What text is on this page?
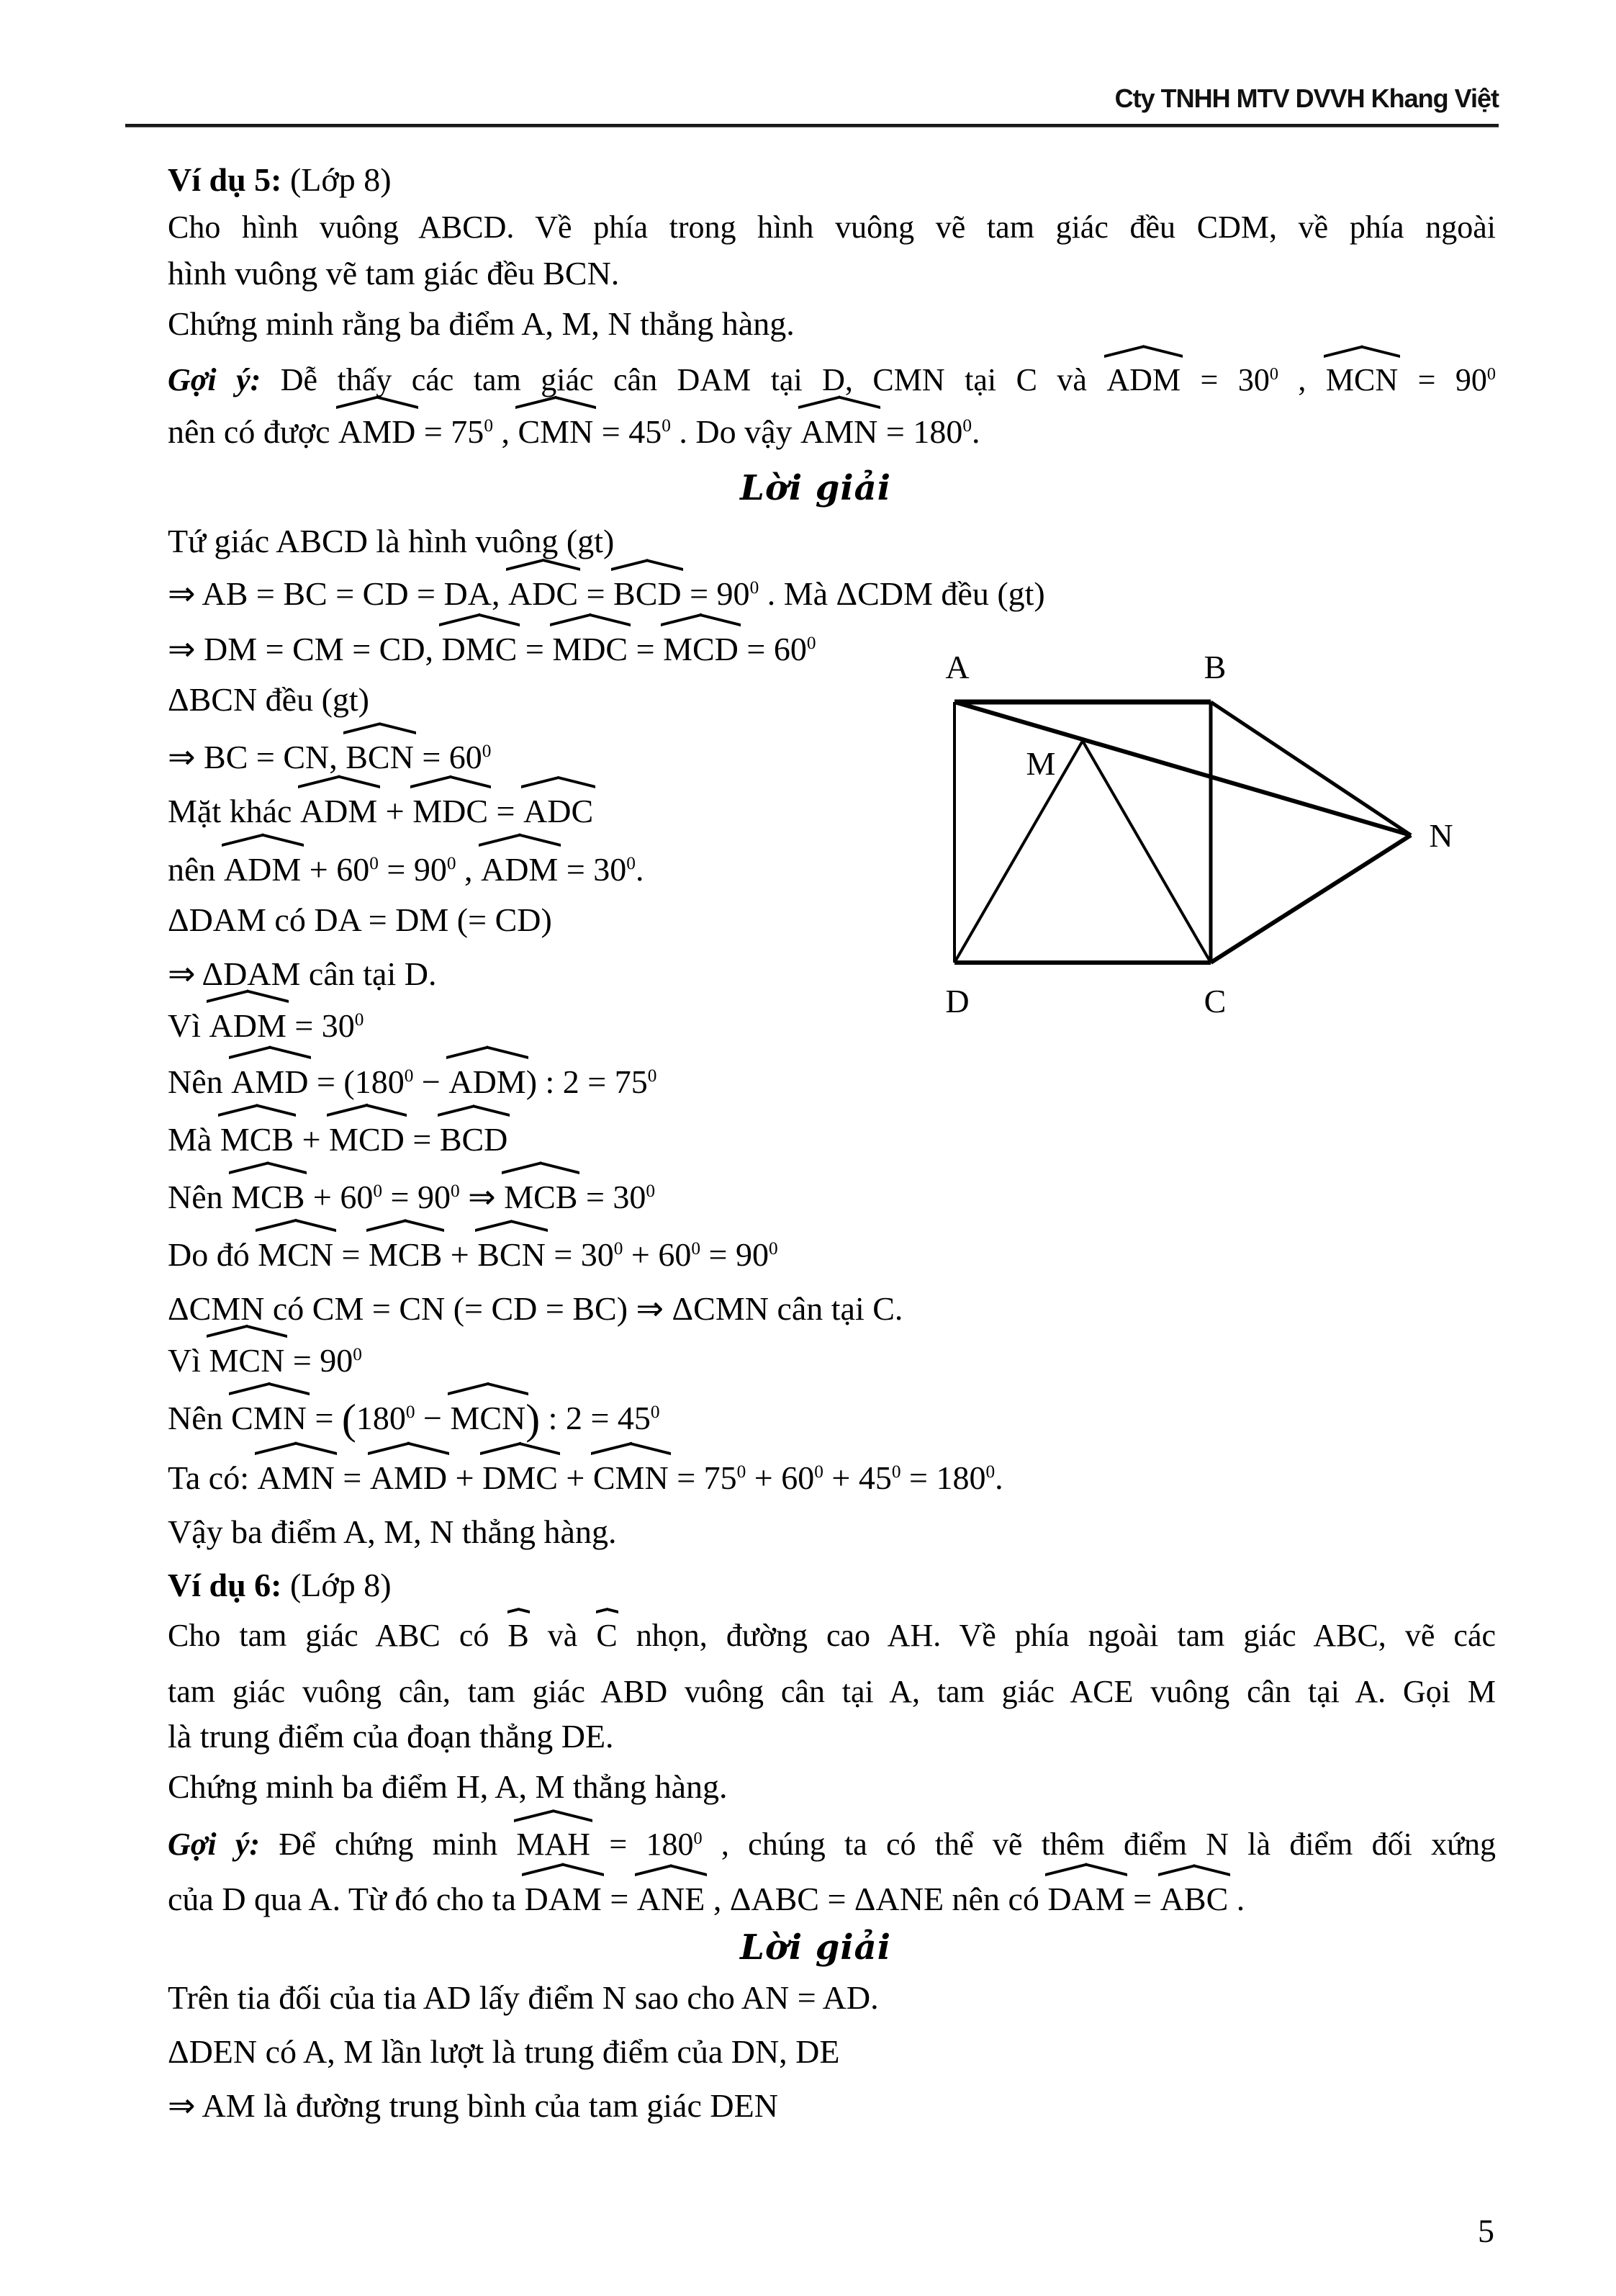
Cty TNHH MTV DVVH Khang Việt
Ví dụ 5: (Lớp 8)
Cho hình vuông ABCD. Về phía trong hình vuông vẽ tam giác đều CDM, về phía ngoài
hình vuông vẽ tam giác đều BCN.
Chứng minh rằng ba điểm A, M, N thẳng hàng.
Gợi ý: Dễ thấy các tam giác cân DAM tại D, CMN tại C và ADM = 300 , MCN = 900
nên có được AMD = 750 , CMN = 450 . Do vậy AMN = 1800.
Lời giải
Tứ giác ABCD là hình vuông (gt)
⇒ AB = BC = CD = DA, ADC = BCD = 900 . Mà ΔCDM đều (gt)
⇒ DM = CM = CD, DMC = MDC = MCD = 600
ΔBCN đều (gt)
⇒ BC = CN, BCN = 600
Mặt khác ADM + MDC = ADC
nên ADM + 600 = 900 , ADM = 300.
ΔDAM có DA = DM (= CD)
⇒ ΔDAM cân tại D.
Vì ADM = 300
Nên AMD = (1800 − ADM) : 2 = 750
Mà MCB + MCD = BCD
Nên MCB + 600 = 900 ⇒ MCB = 300
Do đó MCN = MCB + BCN = 300 + 600 = 900
ΔCMN có CM = CN (= CD = BC) ⇒ ΔCMN cân tại C.
Vì MCN = 900
Nên CMN = (1800 − MCN) : 2 = 450
Ta có: AMN = AMD + DMC + CMN = 750 + 600 + 450 = 1800.
Vậy ba điểm A, M, N thẳng hàng.
Ví dụ 6: (Lớp 8)
Cho tam giác ABC có B và C nhọn, đường cao AH. Về phía ngoài tam giác ABC, vẽ các
tam giác vuông cân, tam giác ABD vuông cân tại A, tam giác ACE vuông cân tại A. Gọi M
là trung điểm của đoạn thẳng DE.
Chứng minh ba điểm H, A, M thẳng hàng.
Gợi ý: Để chứng minh MAH = 1800 , chúng ta có thể vẽ thêm điểm N là điểm đối xứng
của D qua A. Từ đó cho ta DAM = ANE , ΔABC = ΔANE nên có DAM = ABC .
Lời giải
Trên tia đối của tia AD lấy điểm N sao cho AN = AD.
ΔDEN có A, M lần lượt là trung điểm của DN, DE
⇒ AM là đường trung bình của tam giác DEN
A	B
M
N
D	C
5
